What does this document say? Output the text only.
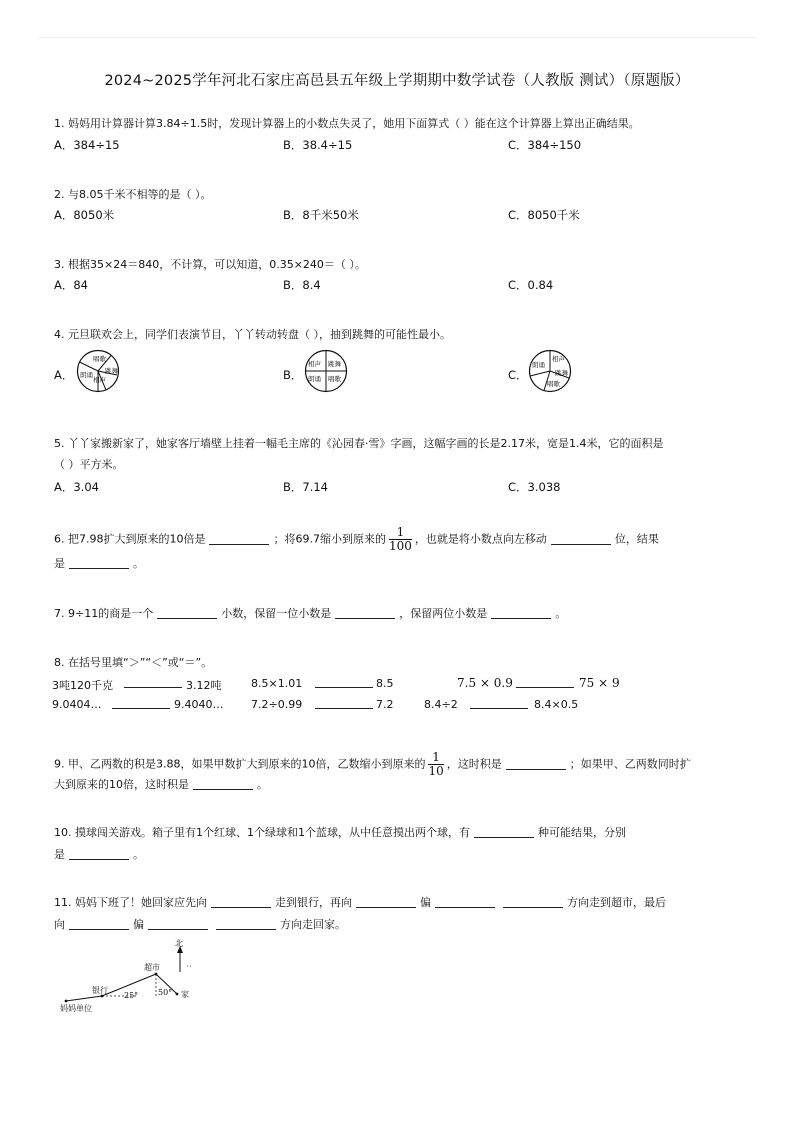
2024~2025学年河北石家庄高邑县五年级上学期期中数学试卷（人教版 测试）（原题版）
1. 妈妈用计算器计算3.84÷1.5时，发现计算器上的小数点失灵了，她用下面算式（ ）能在这个计算器上算出正确结果。
A．384÷15	B．38.4÷15	C．384÷150
2. 与8.05千米不相等的是（ ）。
A．8050米	B．8千米50米	C．8050千米
3. 根据35×24＝840，不计算，可以知道，0.35×240＝（ ）。
A．84	B．8.4	C．0.84
4. 元旦联欢会上，同学们表演节目，丫丫转动转盘（ ），抽到跳舞的可能性最小。
A．	B．	C．
唱歌
跳舞
朗诵
相声
相声 跳舞
朗诵 唱歌
朗诵
相声
跳舞
唱歌
5. 丫丫家搬新家了，她家客厅墙壁上挂着一幅毛主席的《沁园春·雪》字画，这幅字画的长是2.17米，宽是1.4米，它的面积是
（ ）平方米。
A．3.04	B．7.14	C．3.038
6. 把7.98扩大到原来的10倍是	；将69.7缩小到原来的 $\frac{1}{100}$ ，也就是将小数点向左移动	位，结果
是	。
7. 9÷11的商是一个	小数，保留一位小数是	，保留两位小数是	。
8. 在括号里填“＞”“＜”或“＝”。
3吨120千克	3.12吨	8.5×1.01	8.5	7.5 × 0.9	75 × 9
9.0404…	9.4040…	7.2÷0.99	7.2	8.4÷2	8.4×0.5
9. 甲、乙两数的积是3.88，如果甲数扩大到原来的10倍，乙数缩小到原来的 $\frac{1}{10}$ ，这时积是	；如果甲、乙两数同时扩
大到原来的10倍，这时积是	。
10. 摸球闯关游戏。箱子里有1个红球、1个绿球和1个蓝球，从中任意摸出两个球，有	种可能结果，分别
是	。
11. 妈妈下班了！她回家应先向	走到银行，再向	偏	方向走到超市，最后
向	偏	方向走回家。
北
超市
银行	家
妈妈单位
25° 50°
